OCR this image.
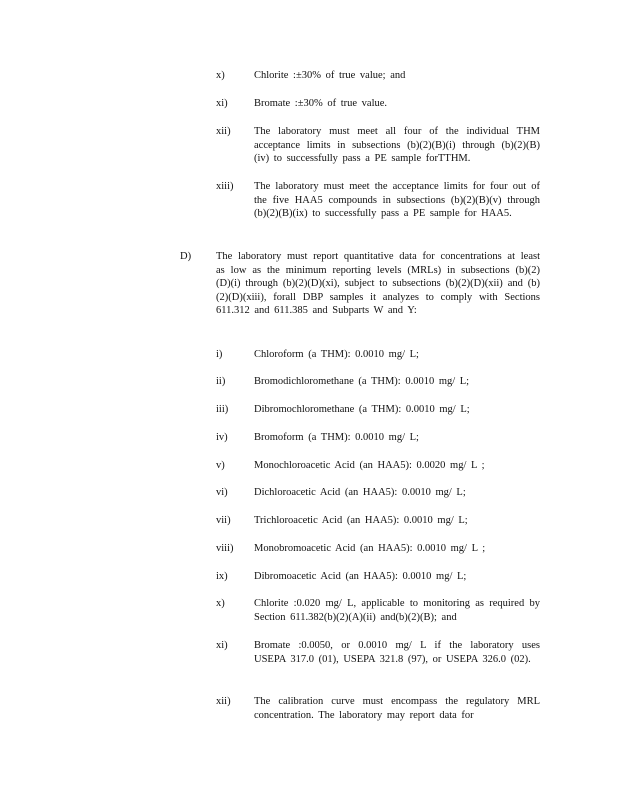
x)	Chlorite :±30% of true value; and
xi)	Bromate :±30% of true value.
xii)	The laboratory must meet all four of the individual THM acceptance limits in subsections (b)(2)(B)(i) through (b)(2)(B)(iv) to successfully pass a PE sample forTTHM.
xiii)	The laboratory must meet the acceptance limits for four out of the five HAA5 compounds in subsections (b)(2)(B)(v) through (b)(2)(B)(ix) to successfully pass a PE sample for HAA5.
D)	The laboratory must report quantitative data for concentrations at least as low as the minimum reporting levels (MRLs) in subsections (b)(2)(D)(i) through (b)(2)(D)(xi), subject to subsections (b)(2)(D)(xii) and (b)(2)(D)(xiii), forall DBP samples it analyzes to comply with Sections 611.312 and 611.385 and Subparts W and Y:
i)	Chloroform (a THM): 0.0010 mg/ L;
ii)	Bromodichloromethane (a THM): 0.0010 mg/ L;
iii)	Dibromochloromethane (a THM): 0.0010 mg/ L;
iv)	Bromoform (a THM): 0.0010 mg/ L;
v)	Monochloroacetic Acid (an HAA5): 0.0020 mg/ L ;
vi)	Dichloroacetic Acid (an HAA5): 0.0010 mg/ L;
vii)	Trichloroacetic Acid (an HAA5): 0.0010 mg/ L;
viii)	Monobromoacetic Acid (an HAA5): 0.0010 mg/ L ;
ix)	Dibromoacetic Acid (an HAA5): 0.0010 mg/ L;
x)	Chlorite :0.020 mg/ L, applicable to monitoring as required by Section 611.382(b)(2)(A)(ii) and(b)(2)(B); and
xi)	Bromate :0.0050, or 0.0010 mg/ L if the laboratory uses USEPA 317.0 (01), USEPA 321.8 (97), or USEPA 326.0 (02).
xii)	The calibration curve must encompass the regulatory MRL concentration. The laboratory may report data for
